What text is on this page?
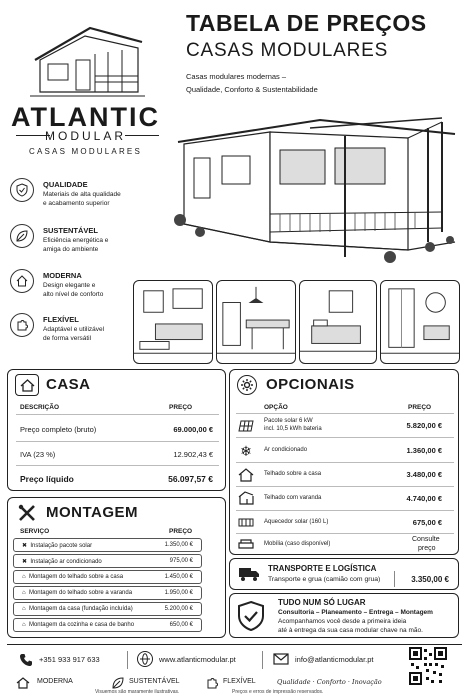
ATLANTIC
MODULAR
CASAS MODULARES
TABELA DE PREÇOS
CASAS MODULARES
Casas modulares modernas –
Qualidade, Conforto & Sustentabilidade
QUALIDADE
Materiais de alta qualidade
e acabamento superior
SUSTENTÁVEL
Eficiência energética e
amiga do ambiente
MODERNA
Design elegante e
alto nível de conforto
FLEXÍVEL
Adaptável e utilizável
de forma versátil
CASA
DESCRIÇÃO	PREÇO
Preço completo (bruto)	69.000,00 €
IVA (23 %)	12.902,43 €
Preço líquido	56.097,57 €
MONTAGEM
SERVIÇO	PREÇO
✖ Instalação pacote solar	1.350,00 €
✖ Instalação ar condicionado	975,00 €
⌂ Montagem do telhado sobre a casa	1.450,00 €
⌂ Montagem do telhado sobre a varanda	1.950,00 €
⌂ Montagem da casa (fundação incluída)	5.200,00 €
⌂ Montagem da cozinha e casa de banho	650,00 €
OPCIONAIS
OPÇÃO	PREÇO
Pacote solar 6 kW
incl. 10,5 kWh bateria	5.820,00 €
❄	Ar condicionado	1.360,00 €
Telhado sobre a casa	3.480,00 €
Telhado com varanda	4.740,00 €
Aquecedor solar (160 L)	675,00 €
Mobília (caso disponível)
Consulte
preço
TRANSPORTE E LOGÍSTICA
Transporte e grua (camião com grua)	3.350,00 €
TUDO NUM SÓ LUGAR
Consultoria – Planeamento – Entrega – Montagem
Acompanhamos você desde a primeira ideia
até à entrega da sua casa modular chave na mão.
+351 933 917 633	www.atlanticmodular.pt	info@atlanticmodular.pt
MODERNA	SUSTENTÁVEL	FLEXÍVEL	Qualidade · Conforto · Inovação
Visuemos são maramente ilustrativas.	Preços e erros de impressão reservados.
